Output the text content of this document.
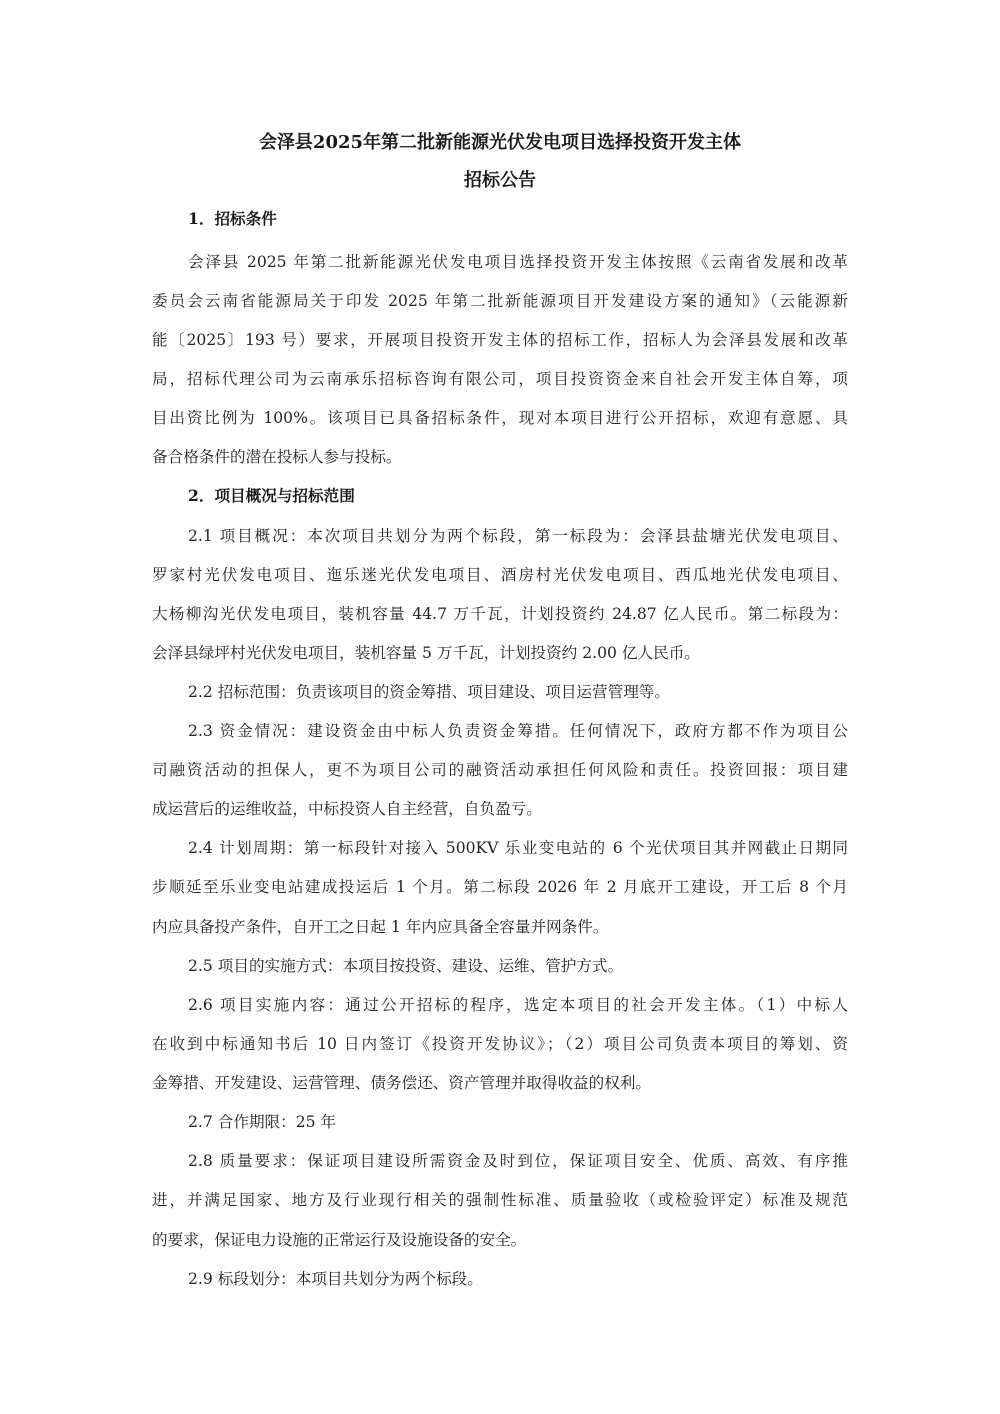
会泽县2025年第二批新能源光伏发电项目选择投资开发主体
招标公告
1．招标条件
会泽县 2025 年第二批新能源光伏发电项目选择投资开发主体按照《云南省发展和改革
委员会云南省能源局关于印发 2025 年第二批新能源项目开发建设方案的通知》（云能源新
能〔2025〕193 号）要求，开展项目投资开发主体的招标工作，招标人为会泽县发展和改革
局，招标代理公司为云南承乐招标咨询有限公司，项目投资资金来自社会开发主体自筹，项
目出资比例为 100%。该项目已具备招标条件，现对本项目进行公开招标，欢迎有意愿、具
备合格条件的潜在投标人参与投标。
2．项目概况与招标范围
2.1 项目概况：本次项目共划分为两个标段，第一标段为：会泽县盐塘光伏发电项目、
罗家村光伏发电项目、迤乐迷光伏发电项目、酒房村光伏发电项目、西瓜地光伏发电项目、
大杨柳沟光伏发电项目，装机容量 44.7 万千瓦，计划投资约 24.87 亿人民币。第二标段为：
会泽县绿坪村光伏发电项目，装机容量 5 万千瓦，计划投资约 2.00 亿人民币。
2.2 招标范围：负责该项目的资金筹措、项目建设、项目运营管理等。
2.3 资金情况：建设资金由中标人负责资金筹措。任何情况下，政府方都不作为项目公
司融资活动的担保人，更不为项目公司的融资活动承担任何风险和责任。投资回报：项目建
成运营后的运维收益，中标投资人自主经营，自负盈亏。
2.4 计划周期：第一标段针对接入 500KV 乐业变电站的 6 个光伏项目其并网截止日期同
步顺延至乐业变电站建成投运后 1 个月。第二标段 2026 年 2 月底开工建设，开工后 8 个月
内应具备投产条件，自开工之日起 1 年内应具备全容量并网条件。
2.5 项目的实施方式：本项目按投资、建设、运维、管护方式。
2.6 项目实施内容：通过公开招标的程序，选定本项目的社会开发主体。（1）中标人
在收到中标通知书后 10 日内签订《投资开发协议》；（2）项目公司负责本项目的筹划、资
金筹措、开发建设、运营管理、债务偿还、资产管理并取得收益的权利。
2.7 合作期限：25 年
2.8 质量要求：保证项目建设所需资金及时到位，保证项目安全、优质、高效、有序推
进，并满足国家、地方及行业现行相关的强制性标准、质量验收（或检验评定）标准及规范
的要求，保证电力设施的正常运行及设施设备的安全。
2.9 标段划分：本项目共划分为两个标段。
